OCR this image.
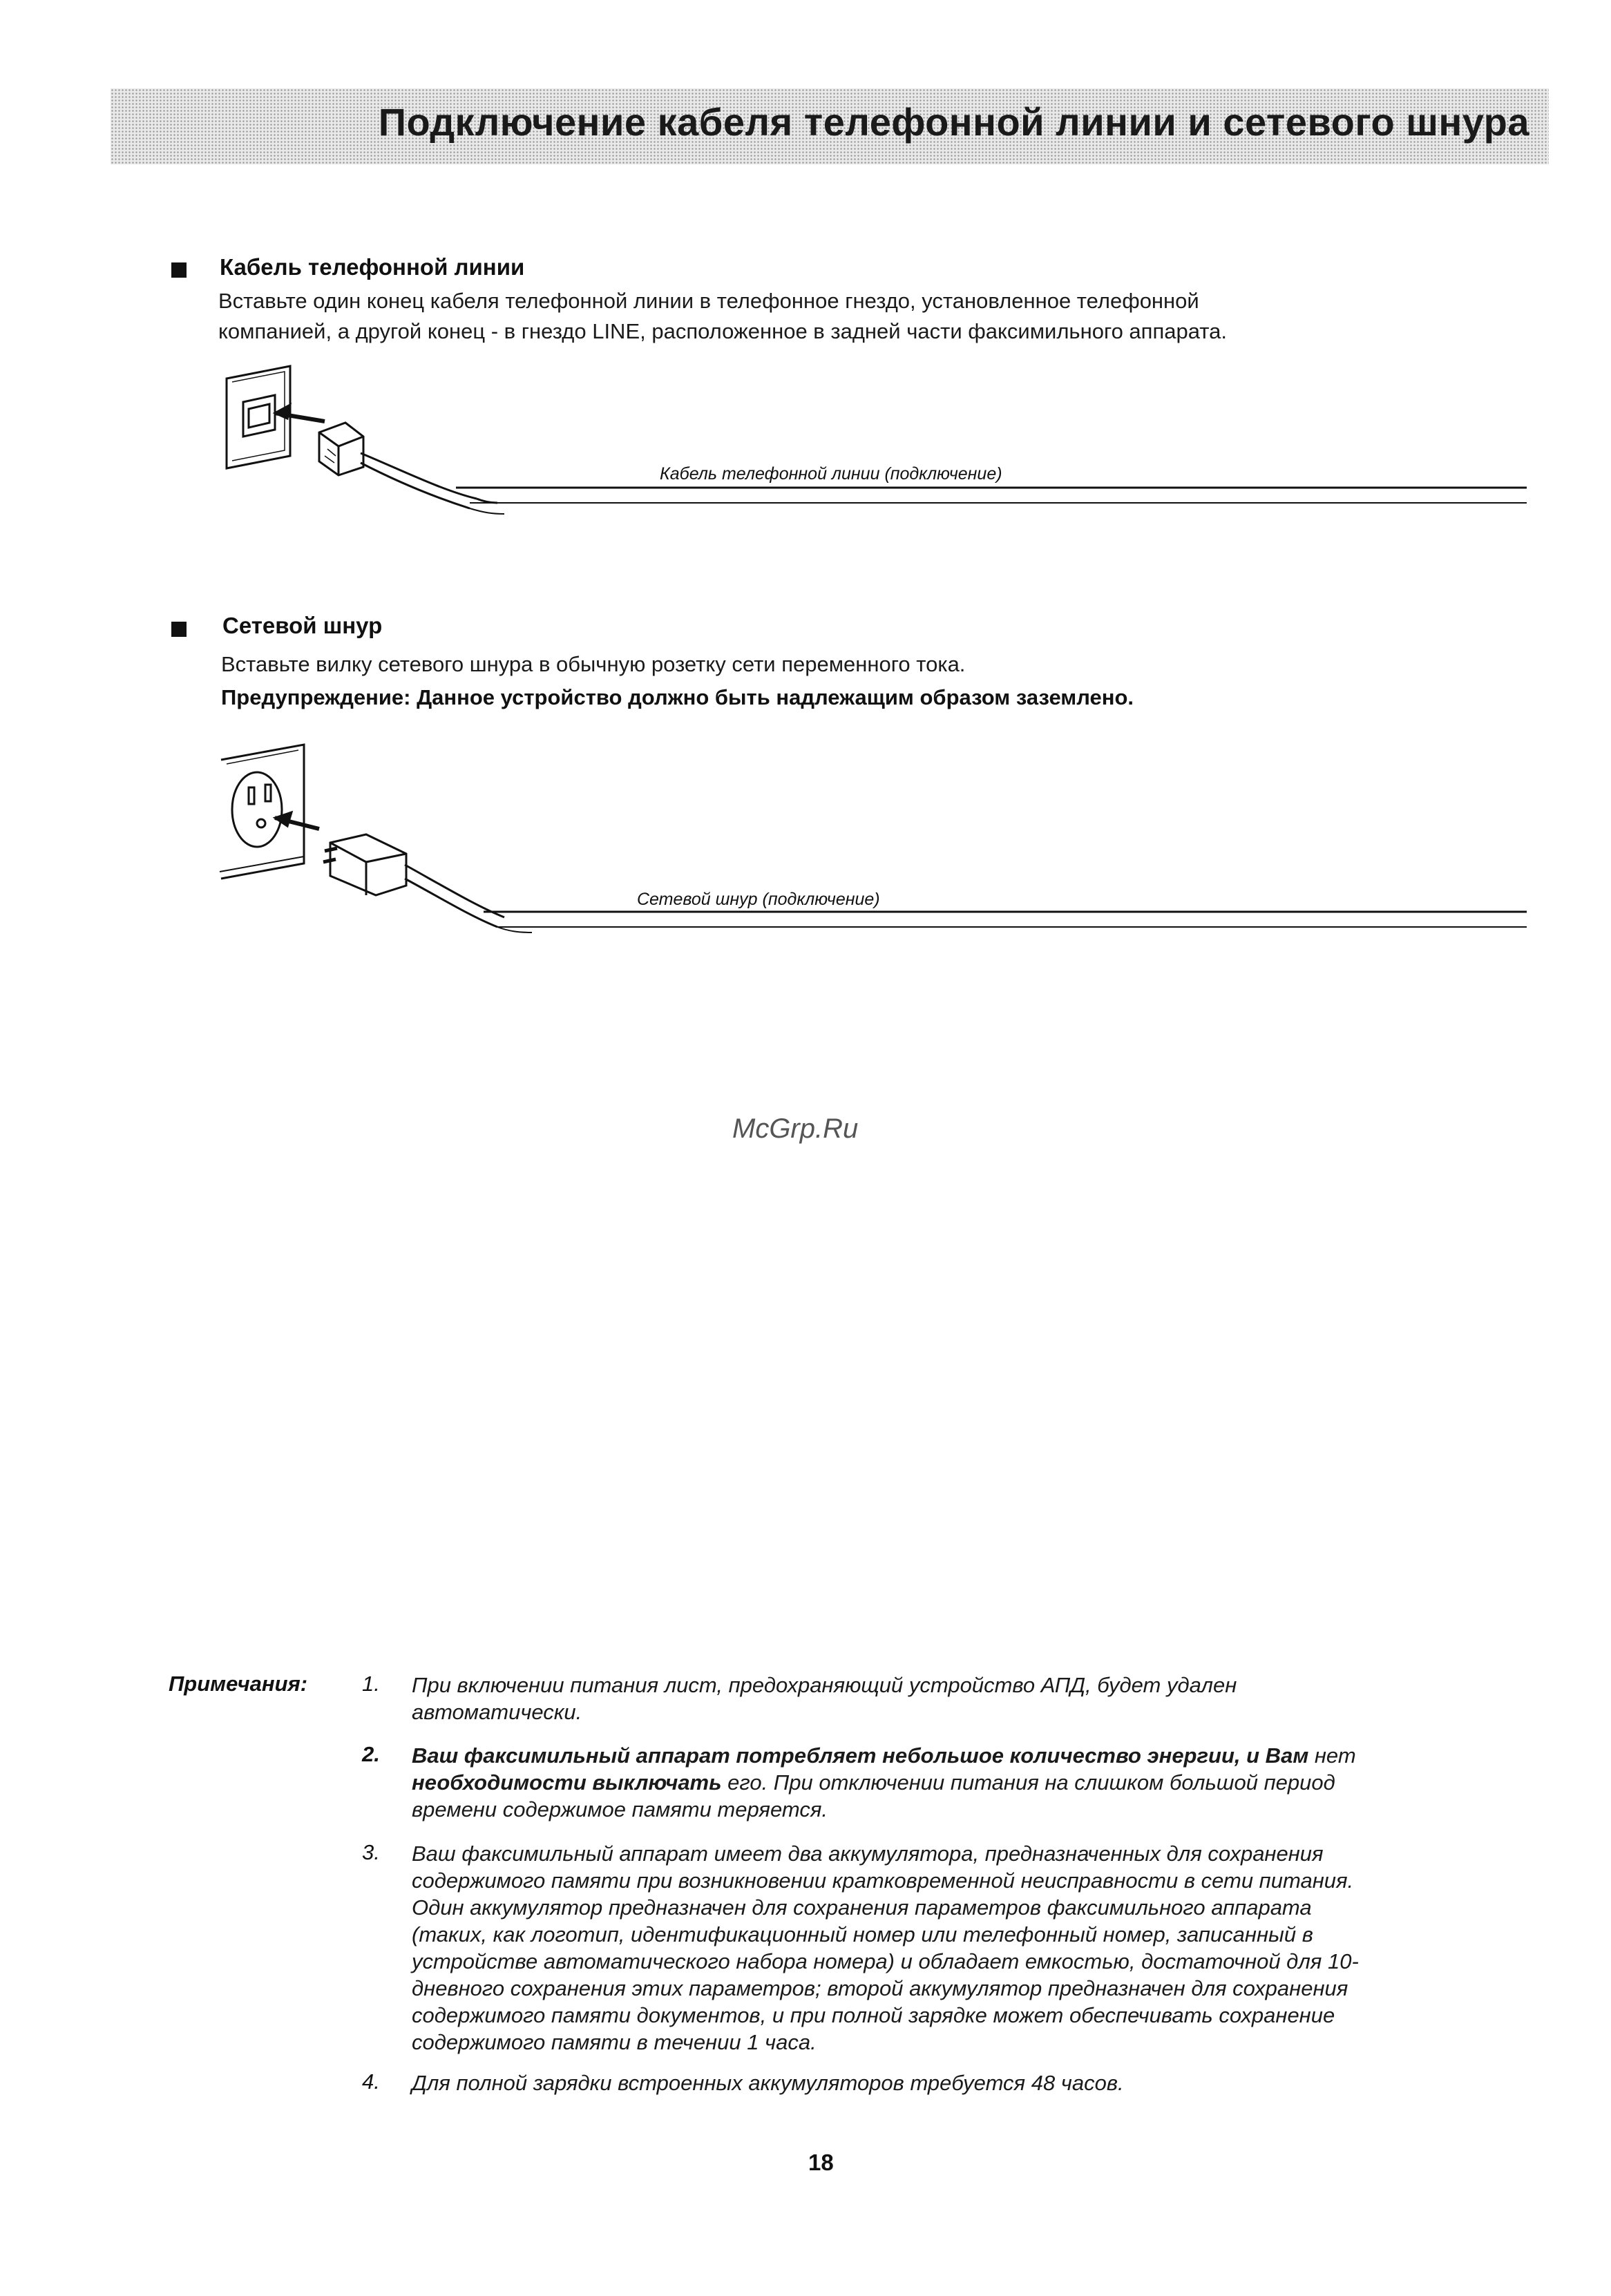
Подключение кабеля телефонной линии и сетевого шнура
Кабель телефонной линии
Вставьте один конец кабеля телефонной линии в телефонное гнездо, установленное телефонной
компанией, а другой конец - в гнездо LINE, расположенное в задней части факсимильного аппарата.
Кабель телефонной линии (подключение)
Сетевой шнур
Вставьте вилку сетевого шнура в обычную розетку сети переменного тока.
Предупреждение: Данное устройство должно быть надлежащим образом заземлено.
Сетевой шнур (подключение)
McGrp.Ru
Примечания:	1. При включении питания лист, предохраняющий устройство АПД, будет удален
автоматически.
2. Ваш факсимильный аппарат потребляет небольшое количество энергии, и Вам нет
необходимости выключать его. При отключении питания на слишком большой период
времени содержимое памяти теряется.
3. Ваш факсимильный аппарат имеет два аккумулятора, предназначенных для сохранения
содержимого памяти при возникновении кратковременной неисправности в сети питания.
Один аккумулятор предназначен для сохранения параметров факсимильного аппарата
(таких, как логотип, идентификационный номер или телефонный номер, записанный в
устройстве автоматического набора номера) и обладает емкостью, достаточной для 10-
дневного сохранения этих параметров; второй аккумулятор предназначен для сохранения
содержимого памяти документов, и при полной зарядке может обеспечивать сохранение
содержимого памяти в течении 1 часа.
4. Для полной зарядки встроенных аккумуляторов требуется 48 часов.
18
